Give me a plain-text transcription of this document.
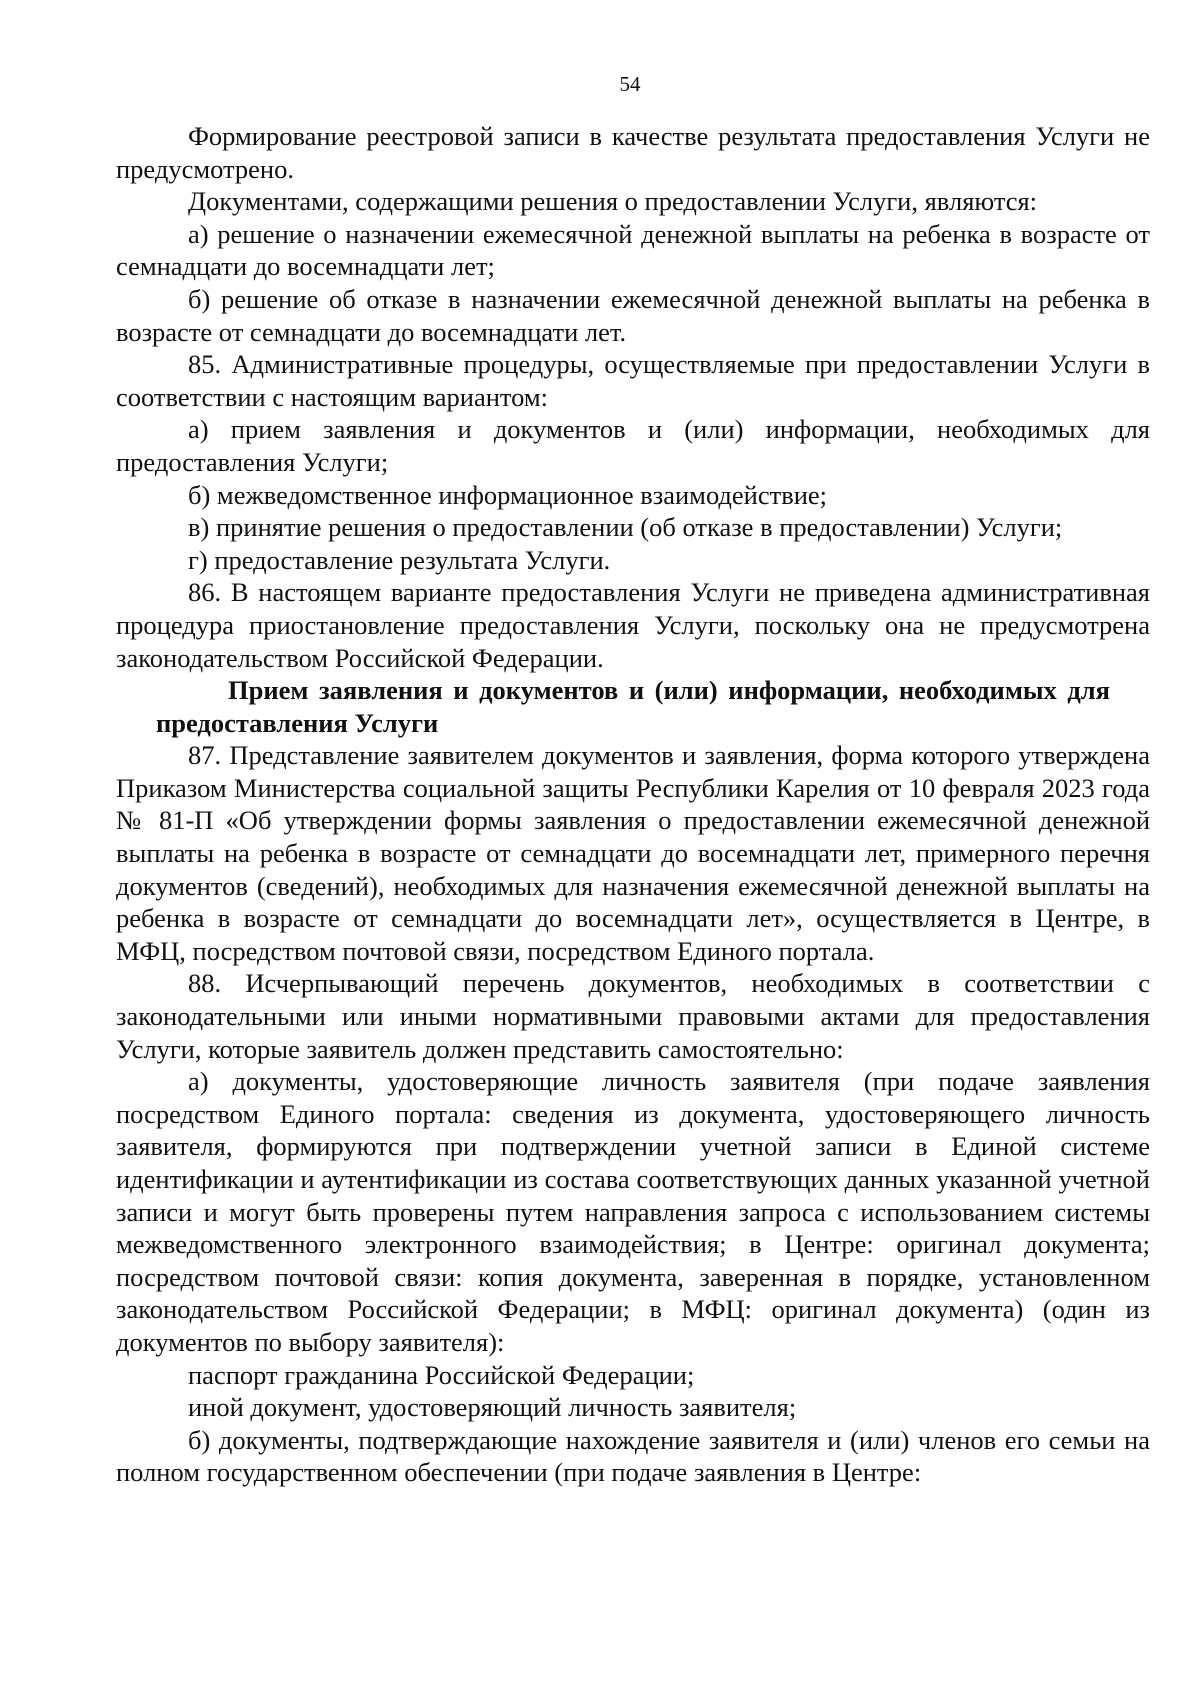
54

Формирование реестровой записи в качестве результата предоставления Услуги не предусмотрено.

Документами, содержащими решения о предоставлении Услуги, являются:

а) решение о назначении ежемесячной денежной выплаты на ребенка в возрасте от семнадцати до восемнадцати лет;

б) решение об отказе в назначении ежемесячной денежной выплаты на ребенка в возрасте от семнадцати до восемнадцати лет.

85. Административные процедуры, осуществляемые при предоставлении Услуги в соответствии с настоящим вариантом:

а) прием заявления и документов и (или) информации, необходимых для предоставления Услуги;

б) межведомственное информационное взаимодействие;

в) принятие решения о предоставлении (об отказе в предоставлении) Услуги;

г) предоставление результата Услуги.

86. В настоящем варианте предоставления Услуги не приведена административная процедура приостановление предоставления Услуги, поскольку она не предусмотрена законодательством Российской Федерации.

Прием заявления и документов и (или) информации, необходимых для предоставления Услуги

87. Представление заявителем документов и заявления, форма которого утверждена Приказом Министерства социальной защиты Республики Карелия от 10 февраля 2023 года № 81-П «Об утверждении формы заявления о предоставлении ежемесячной денежной выплаты на ребенка в возрасте от семнадцати до восемнадцати лет, примерного перечня документов (сведений), необходимых для назначения ежемесячной денежной выплаты на ребенка в возрасте от семнадцати до восемнадцати лет», осуществляется в Центре, в МФЦ, посредством почтовой связи, посредством Единого портала.

88. Исчерпывающий перечень документов, необходимых в соответствии с законодательными или иными нормативными правовыми актами для предоставления Услуги, которые заявитель должен представить самостоятельно:

а) документы, удостоверяющие личность заявителя (при подаче заявления посредством Единого портала: сведения из документа, удостоверяющего личность заявителя, формируются при подтверждении учетной записи в Единой системе идентификации и аутентификации из состава соответствующих данных указанной учетной записи и могут быть проверены путем направления запроса с использованием системы межведомственного электронного взаимодействия; в Центре: оригинал документа; посредством почтовой связи: копия документа, заверенная в порядке, установленном законодательством Российской Федерации; в МФЦ: оригинал документа) (один из документов по выбору заявителя):

паспорт гражданина Российской Федерации;

иной документ, удостоверяющий личность заявителя;

б) документы, подтверждающие нахождение заявителя и (или) членов его семьи на полном государственном обеспечении (при подаче заявления в Центре:
